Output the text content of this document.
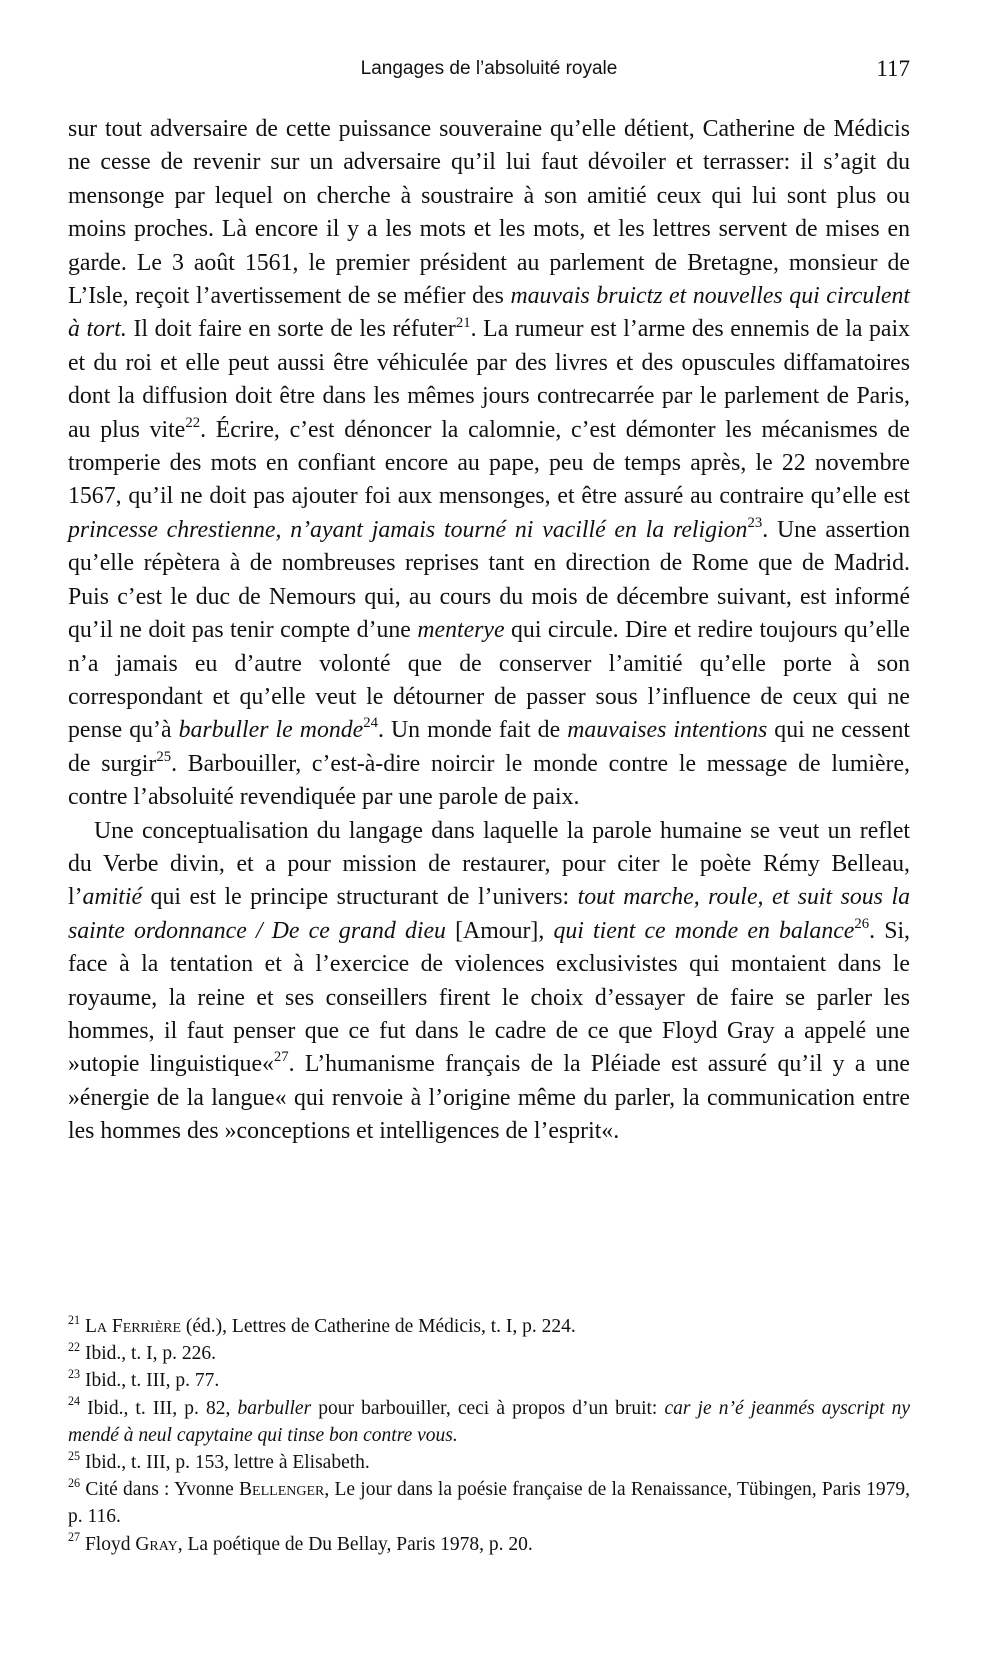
Langages de l’absoluité royale	117

sur tout adversaire de cette puissance souveraine qu’elle détient, Catherine de Médicis ne cesse de revenir sur un adversaire qu’il lui faut dévoiler et terrasser: il s’agit du mensonge par lequel on cherche à soustraire à son amitié ceux qui lui sont plus ou moins proches. Là encore il y a les mots et les mots, et les lettres servent de mises en garde. Le 3 août 1561, le premier président au parlement de Bretagne, monsieur de L’Isle, reçoit l’avertissement de se méfier des mauvais bruictz et nouvelles qui circulent à tort. Il doit faire en sorte de les réfuter$^{21}$. La rumeur est l’arme des ennemis de la paix et du roi et elle peut aussi être véhiculée par des livres et des opuscules diffamatoires dont la diffusion doit être dans les mêmes jours contrecarrée par le parlement de Paris, au plus vite$^{22}$. Écrire, c’est dénoncer la calomnie, c’est démonter les mécanismes de tromperie des mots en confiant encore au pape, peu de temps après, le 22 novembre 1567, qu’il ne doit pas ajouter foi aux mensonges, et être assuré au contraire qu’elle est princesse chrestienne, n’ayant jamais tourné ni vacillé en la religion$^{23}$. Une assertion qu’elle répètera à de nombreuses reprises tant en direction de Rome que de Madrid. Puis c’est le duc de Nemours qui, au cours du mois de décembre suivant, est informé qu’il ne doit pas tenir compte d’une menterye qui circule. Dire et redire toujours qu’elle n’a jamais eu d’autre volonté que de conserver l’amitié qu’elle porte à son correspondant et qu’elle veut le détourner de passer sous l’influence de ceux qui ne pense qu’à barbuller le monde$^{24}$. Un monde fait de mauvaises intentions qui ne cessent de surgir$^{25}$. Barbouiller, c’est-à-dire noircir le monde contre le message de lumière, contre l’absoluité revendiquée par une parole de paix.

Une conceptualisation du langage dans laquelle la parole humaine se veut un reflet du Verbe divin, et a pour mission de restaurer, pour citer le poète Rémy Belleau, l’amitié qui est le principe structurant de l’univers: tout marche, roule, et suit sous la sainte ordonnance / De ce grand dieu [Amour], qui tient ce monde en balance$^{26}$. Si, face à la tentation et à l’exercice de violences exclusivistes qui montaient dans le royaume, la reine et ses conseillers firent le choix d’essayer de faire se parler les hommes, il faut penser que ce fut dans le cadre de ce que Floyd Gray a appelé une »utopie linguistique«$^{27}$. L’humanisme français de la Pléiade est assuré qu’il y a une »énergie de la langue« qui renvoie à l’origine même du parler, la communication entre les hommes des »conceptions et intelligences de l’esprit«.

$^{21}$ La Ferrière (éd.), Lettres de Catherine de Médicis, t. I, p. 224.

$^{22}$ Ibid., t. I, p. 226.

$^{23}$ Ibid., t. III, p. 77.

$^{24}$ Ibid., t. III, p. 82, barbuller pour barbouiller, ceci à propos d’un bruit: car je n’é jeanmés ayscript ny mendé à neul capytaine qui tinse bon contre vous.

$^{25}$ Ibid., t. III, p. 153, lettre à Elisabeth.

$^{26}$ Cité dans : Yvonne Bellenger, Le jour dans la poésie française de la Renaissance, Tübingen, Paris 1979, p. 116.

$^{27}$ Floyd Gray, La poétique de Du Bellay, Paris 1978, p. 20.
